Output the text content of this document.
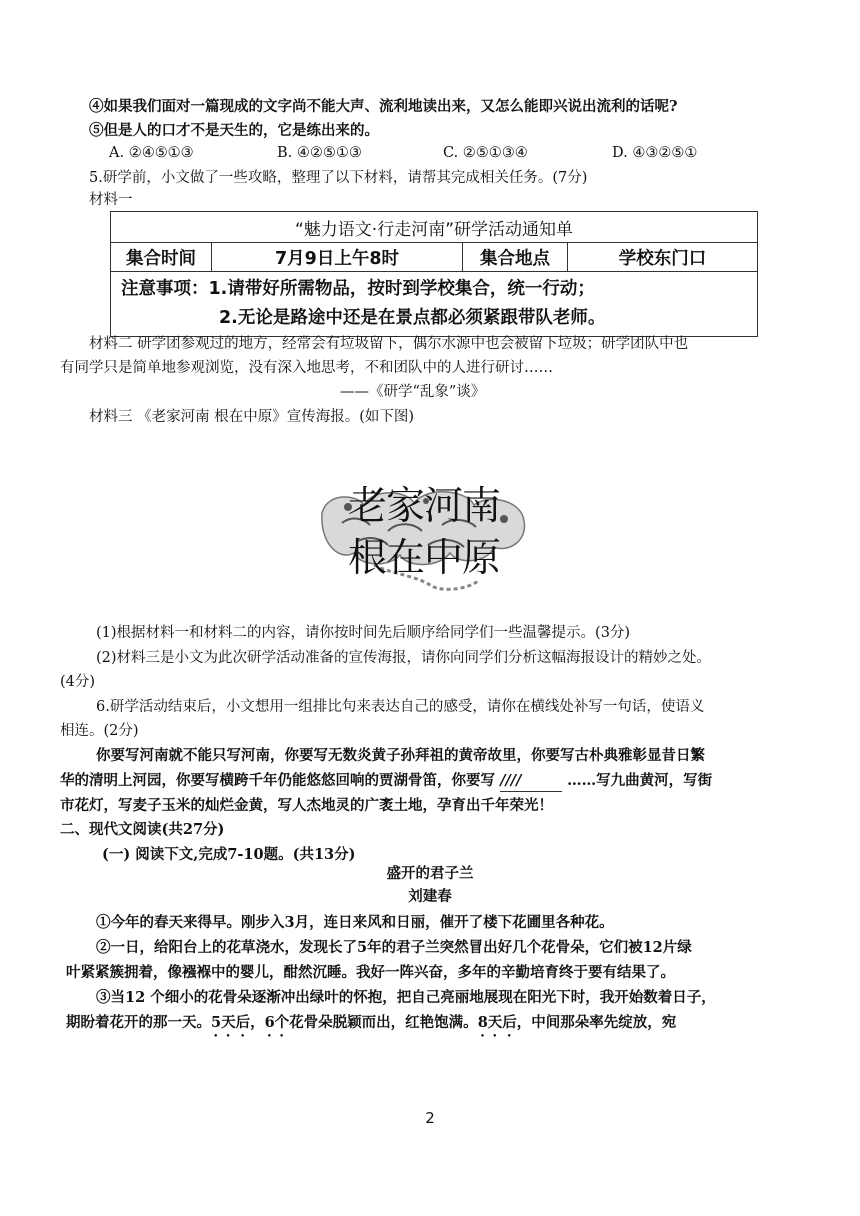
④如果我们面对一篇现成的文字尚不能大声、流利地读出来，又怎么能即兴说出流利的话呢?
⑤但是人的口才不是天生的，它是练出来的。
A. ②④⑤①③	B. ④②⑤①③	C. ②⑤①③④	D. ④③②⑤①
5.研学前，小文做了一些攻略，整理了以下材料，请帮其完成相关任务。(7分)
材料一
“魅力语文·行走河南”研学活动通知单
集合时间	7月9日上午8时	集合地点	学校东门口

注意事项：1.请带好所需物品，按时到学校集合，统一行动；
2.无论是路途中还是在景点都必须紧跟带队老师。
材料二 研学团参观过的地方，经常会有垃圾留下，偶尔水源中也会被留下垃圾；研学团队中也
有同学只是简单地参观浏览，没有深入地思考，不和团队中的人进行研讨……
——《研学“乱象”谈》
材料三 《老家河南 根在中原》宣传海报。(如下图)
老家河南
根在中原
(1)根据材料一和材料二的内容，请你按时间先后顺序给同学们一些温馨提示。(3分)
(2)材料三是小文为此次研学活动准备的宣传海报，请你向同学们分析这幅海报设计的精妙之处。
(4分)
6.研学活动结束后，小文想用一组排比句来表达自己的感受，请你在横线处补写一句话，使语义
相连。(2分)
你要写河南就不能只写河南，你要写无数炎黄子孙拜祖的黄帝故里，你要写古朴典雅彰显昔日繁
华的清明上河园，你要写横跨千年仍能悠悠回响的贾湖骨笛，你要写 ////	……写九曲黄河，写街
市花灯，写麦子玉米的灿烂金黄，写人杰地灵的广袤土地，孕育出千年荣光！
二、现代文阅读(共27分)
(一) 阅读下文,完成7-10题。(共13分)
盛开的君子兰
刘建春
①今年的春天来得早。刚步入3月，连日来风和日丽，催开了楼下花圃里各种花。
②一日，给阳台上的花草浇水，发现长了5年的君子兰突然冒出好几个花骨朵，它们被12片绿
叶紧紧簇拥着，像襁褓中的婴儿，酣然沉睡。我好一阵兴奋，多年的辛勤培育终于要有结果了。
③当12 个细小的花骨朵逐渐冲出绿叶的怀抱，把自己亮丽地展现在阳光下时，我开始数着日子，
期盼着花开的那一天。5天后，6个花骨朵脱颖而出，红艳饱满。8天后，中间那朵率先绽放，宛
2
